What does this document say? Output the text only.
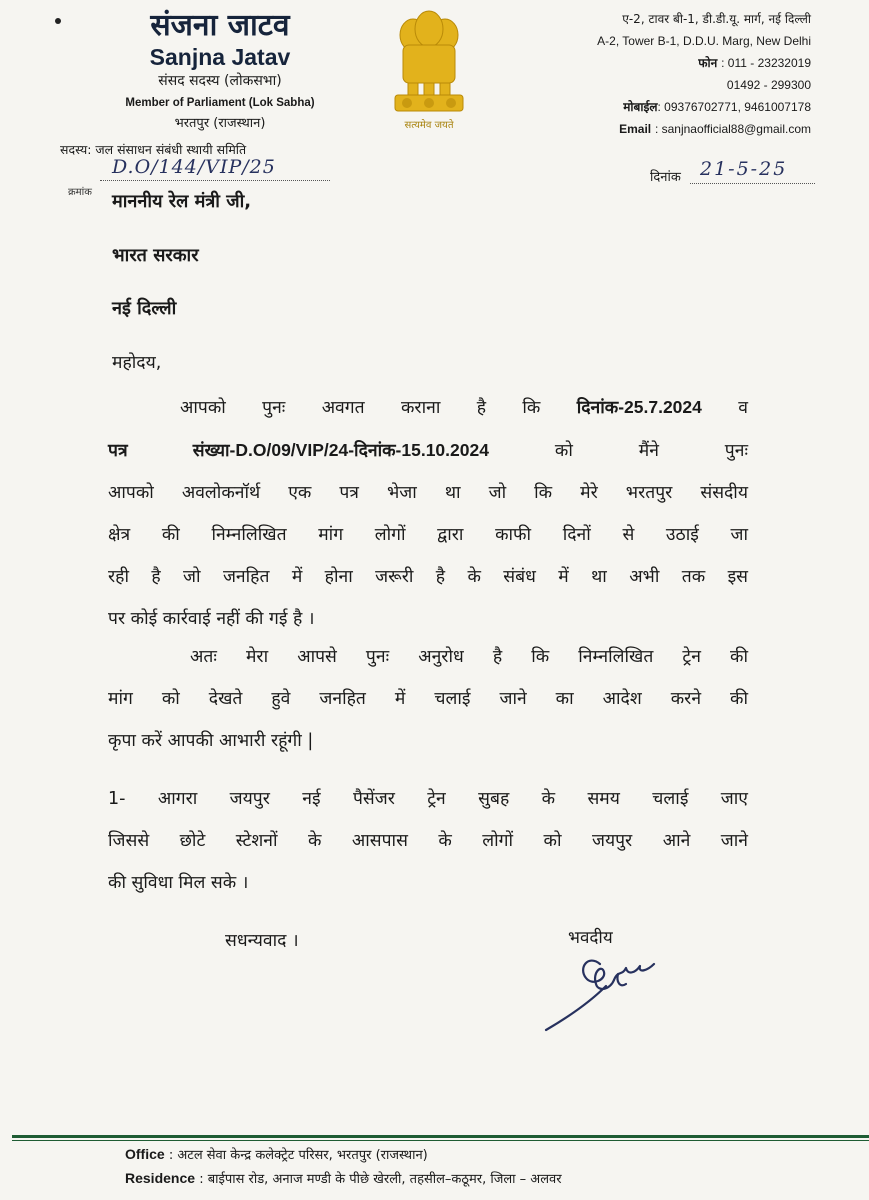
संजना जाटव
Sanjna Jatav
संसद सदस्य (लोकसभा)
Member of Parliament (Lok Sabha)
भरतपुर (राजस्थान)
सदस्य: जल संसाधन संबंधी स्थायी समिति
D.O/144/VIP/25
क्रमांक
सत्यमेव जयते
ए-2, टावर बी-1, डी.डी.यू. मार्ग, नई दिल्ली
A-2, Tower B-1, D.D.U. Marg, New Delhi
फोन : 011 - 23232019
01492 - 299300
मोबाईल: 09376702771, 9461007178
Email : sanjnaofficial88@gmail.com
दिनांक 21-5-25
माननीय रेल मंत्री जी,
भारत सरकार
नई दिल्ली
महोदय,
आपको पुनः अवगत कराना है कि दिनांक-25.7.2024 व
पत्र संख्या-D.O/09/VIP/24-दिनांक-15.10.2024	को मैंने पुनः
आपको अवलोकनॉर्थ एक पत्र भेजा था जो कि मेरे भरतपुर संसदीय
क्षेत्र की निम्नलिखित मांग लोगों द्वारा काफी दिनों से उठाई जा
रही है जो जनहित में होना जरूरी है के संबंध में था अभी तक इस
पर कोई कार्रवाई नहीं की गई है ।
अतः मेरा आपसे पुनः अनुरोध है कि निम्नलिखित ट्रेन की
मांग को देखते हुवे जनहित में चलाई जाने का आदेश करने की
कृपा करें आपकी आभारी रहूंगी |
1- आगरा जयपुर नई पैसेंजर ट्रेन सुबह के समय चलाई जाए
जिससे छोटे स्टेशनों के आसपास के लोगों को जयपुर आने जाने
की सुविधा मिल सके ।
सधन्यवाद ।	भवदीय
Office : अटल सेवा केन्द्र कलेक्ट्रेट परिसर, भरतपुर (राजस्थान)
Residence : बाईपास रोड, अनाज मण्डी के पीछे खेरली, तहसील–कठूमर, जिला – अलवर
